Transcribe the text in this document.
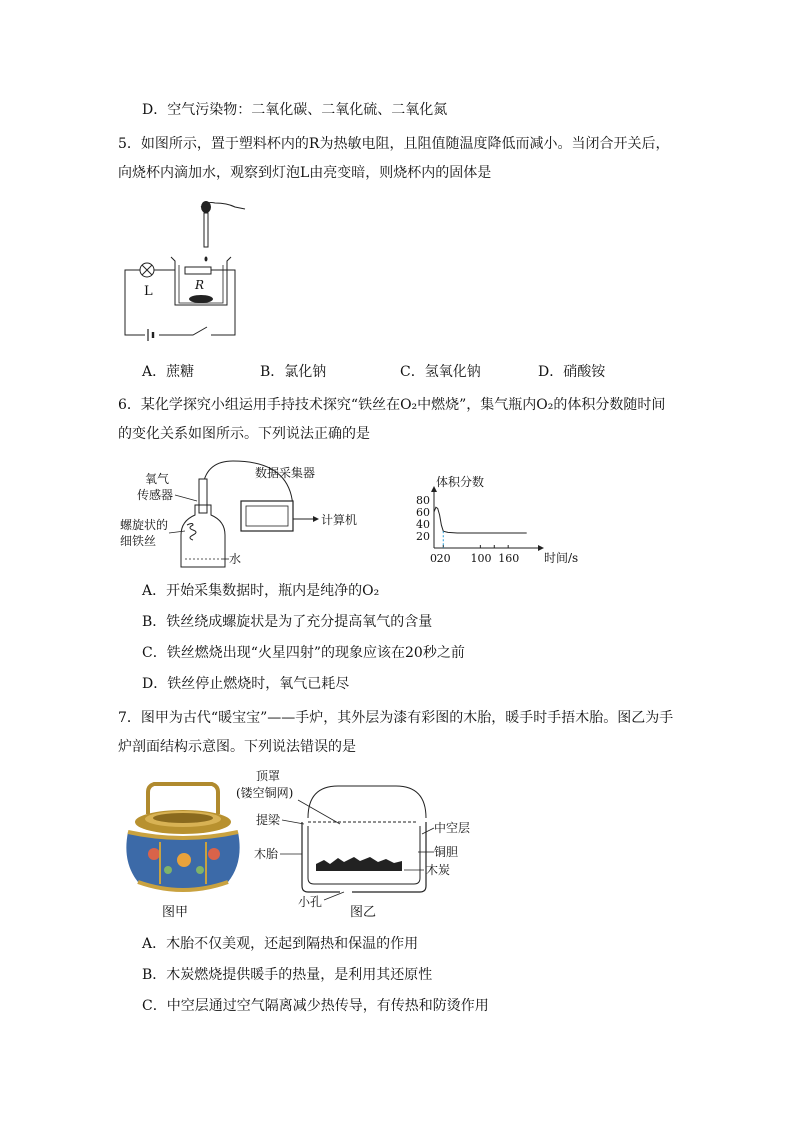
D．空气污染物：二氧化碳、二氧化硫、二氧化氮
5．如图所示，置于塑料杯内的R为热敏电阻，且阻值随温度降低而减小。当闭合开关后，
向烧杯内滴加水，观察到灯泡L由亮变暗，则烧杯内的固体是
L	R
A．蔗糖	B．氯化钠	C．氢氧化钠	D．硝酸铵
6．某化学探究小组运用手持技术探究“铁丝在O₂中燃烧”，集气瓶内O₂的体积分数随时间
的变化关系如图所示。下列说法正确的是
氧气
传感器
螺旋状的
细铁丝
水
数据采集器
计算机
体积分数
时间/s
80
60
40
20
0 20 100 160
A．开始采集数据时，瓶内是纯净的O₂
B．铁丝绕成螺旋状是为了充分提高氧气的含量
C．铁丝燃烧出现“火星四射”的现象应该在20秒之前
D．铁丝停止燃烧时，氧气已耗尽
7．图甲为古代“暖宝宝”——手炉，其外层为漆有彩图的木胎，暖手时手捂木胎。图乙为手
炉剖面结构示意图。下列说法错误的是
图甲
顶罩
(镂空铜网)
提梁
木胎
中空层
铜胆
木炭
小孔
图乙
A．木胎不仅美观，还起到隔热和保温的作用
B．木炭燃烧提供暖手的热量，是利用其还原性
C．中空层通过空气隔离减少热传导，有传热和防烫作用
